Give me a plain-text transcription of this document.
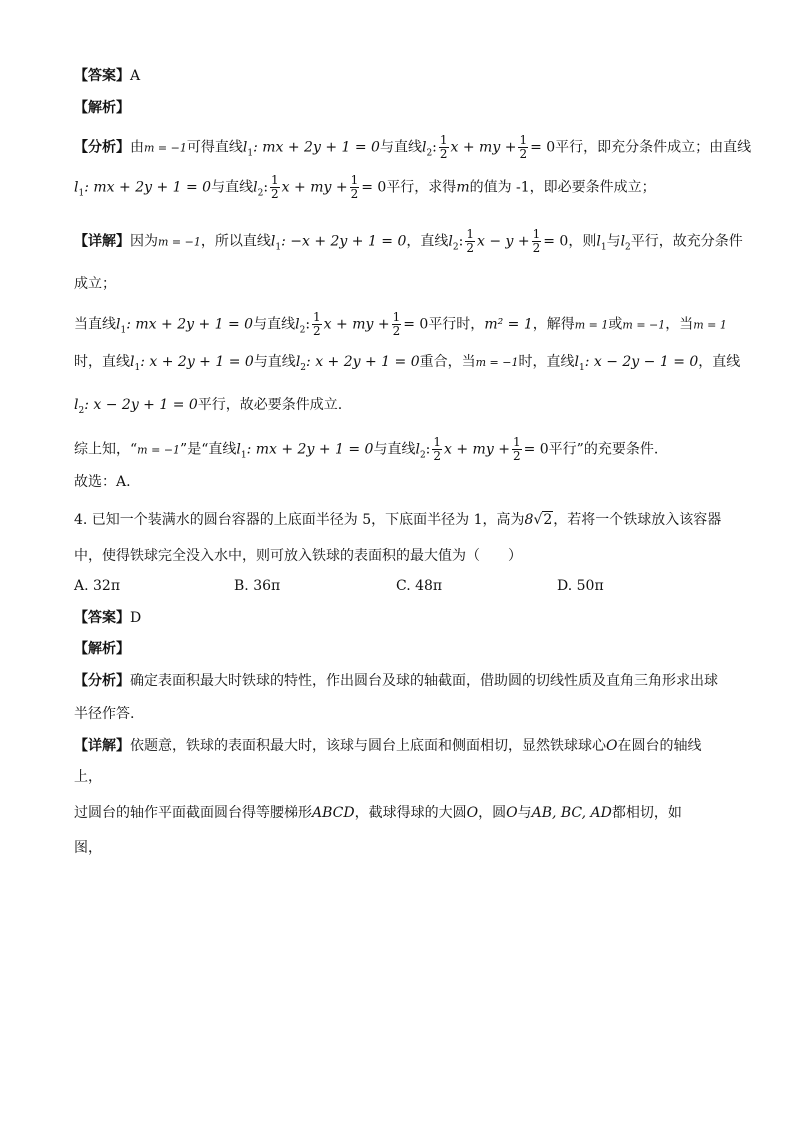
【答案】A
【解析】
【分析】由m = −1可得直线$l_1$: mx + 2y + 1 = 0与直线$l_2$: $\frac{1}{2}$ x + my + $\frac{1}{2} = 0$平行，即充分条件成立；由直线
$l_1$: mx + 2y + 1 = 0与直线$l_2$: $\frac{1}{2}$ x + my + $\frac{1}{2} = 0$平行，求得m的值为 -1，即必要条件成立；
【详解】因为m = −1，所以直线$l_1$: −x + 2y + 1 = 0，直线$l_2$: $\frac{1}{2}$ $x - y + \frac{1}{2} = 0$，则$l_1$与$l_2$平行，故充分条件
成立；
当直线$l_1$: mx + 2y + 1 = 0与直线$l_2$: $\frac{1}{2}$ x + my + $\frac{1}{2} = 0$平行时，m² = 1，解得m = 1或m = −1，当m = 1
时，直线$l_1$: x + 2y + 1 = 0与直线$l_2$: x + 2y + 1 = 0重合，当m = −1时，直线$l_1$: x − 2y − 1 = 0，直线
$l_2$: x − 2y + 1 = 0平行，故必要条件成立.
综上知，“m = −1”是“直线$l_1$: mx + 2y + 1 = 0与直线$l_2$: $\frac{1}{2}$ x + my + $\frac{1}{2} = 0$平行”的充要条件.
故选：A.
4. 已知一个装满水的圆台容器的上底面半径为 5，下底面半径为 1，高为8√2，若将一个铁球放入该容器
中，使得铁球完全没入水中，则可放入铁球的表面积的最大值为（　　）
A. 32π	B. 36π	C. 48π	D. 50π
【答案】D
【解析】
【分析】确定表面积最大时铁球的特性，作出圆台及球的轴截面，借助圆的切线性质及直角三角形求出球
半径作答.
【详解】依题意，铁球的表面积最大时，该球与圆台上底面和侧面相切，显然铁球球心O在圆台的轴线
上，
过圆台的轴作平面截面圆台得等腰梯形ABCD，截球得球的大圆O，圆O与AB, BC, AD都相切，如
图，
